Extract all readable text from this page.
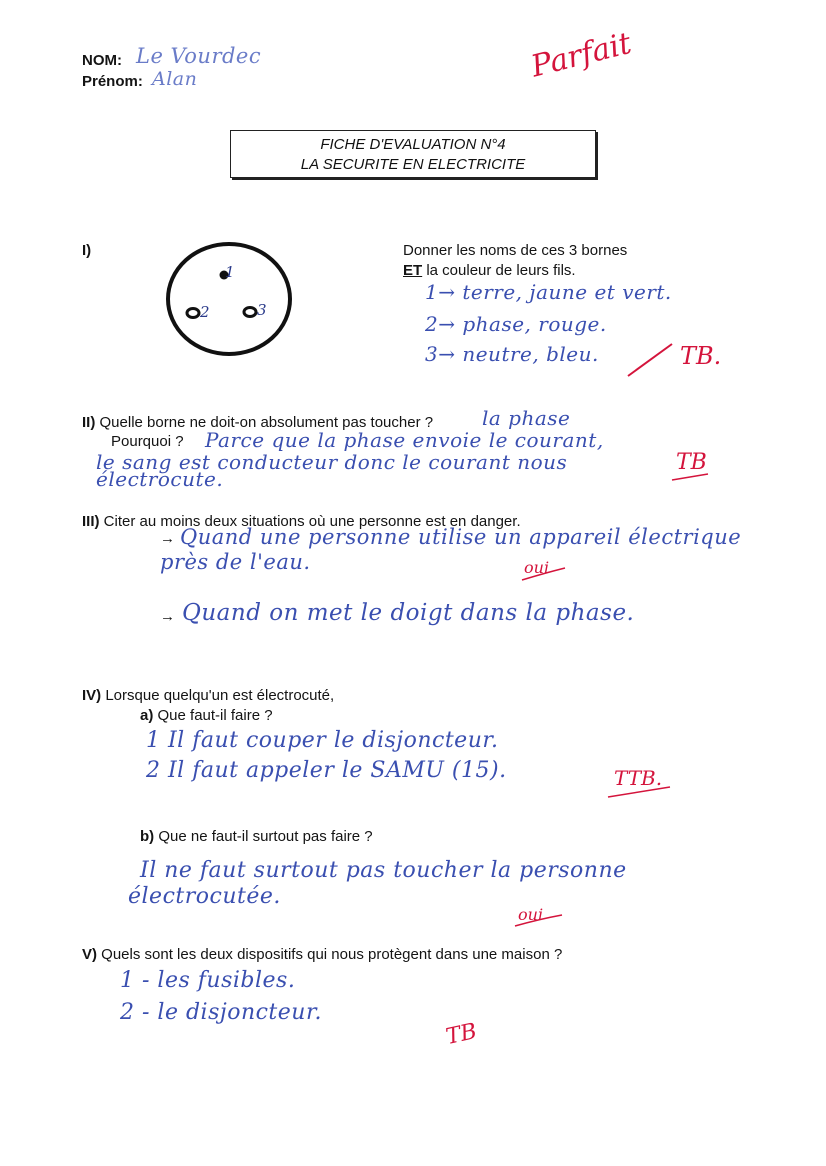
NOM: Le Vourdec
Prénom: Alan	Parfait
FICHE D'EVALUATION N°4
LA SECURITE EN ELECTRICITE
I)
1
2	3
Donner les noms de ces 3 bornes
ET la couleur de leurs fils.
1→ terre, jaune et vert.
2→ phase, rouge.
3→ neutre, bleu.	TB.
II) Quelle borne ne doit-on absolument pas toucher ? la phase
Pourquoi ? Parce que la phase envoie le courant,
le sang est conducteur donc le courant nous
électrocute.
TB
III) Citer au moins deux situations où une personne est en danger.
→ Quand une personne utilise un appareil électrique
près de l'eau.	oui
→ Quand on met le doigt dans la phase.
IV) Lorsque quelqu'un est électrocuté,
a) Que faut-il faire ?
1 Il faut couper le disjoncteur.
2 Il faut appeler le SAMU (15).	TTB.
b) Que ne faut-il surtout pas faire ?
Il ne faut surtout pas toucher la personne
électrocutée.
oui
V) Quels sont les deux dispositifs qui nous protègent dans une maison ?
1 - les fusibles.
2 - le disjoncteur.
TB
